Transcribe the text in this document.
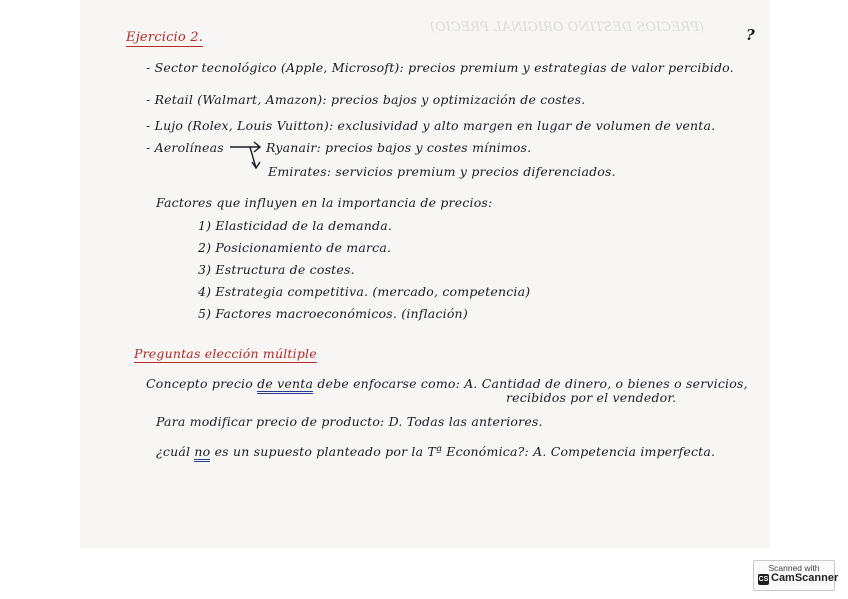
(PRECIOS DESTINO ORIGINAL PRECIO)
Ejercicio 2.	?
- Sector tecnológico (Apple, Microsoft): precios premium y estrategias de valor percibido.
- Retail (Walmart, Amazon): precios bajos y optimización de costes.
- Lujo (Rolex, Louis Vuitton): exclusividad y alto margen en lugar de volumen de venta.
- Aerolíneas	Ryanair: precios bajos y costes mínimos.
Emirates: servicios premium y precios diferenciados.
Factores que influyen en la importancia de precios:
1) Elasticidad de la demanda.
2) Posicionamiento de marca.
3) Estructura de costes.
4) Estrategia competitiva. (mercado, competencia)
5) Factores macroeconómicos. (inflación)
Preguntas elección múltiple
Concepto precio de venta debe enfocarse como: A. Cantidad de dinero, o bienes o servicios,
recibidos por el vendedor.
Para modificar precio de producto: D. Todas las anteriores.
¿cuál no es un supuesto planteado por la Tª Económica?: A. Competencia imperfecta.
Scanned with
CS CamScanner
